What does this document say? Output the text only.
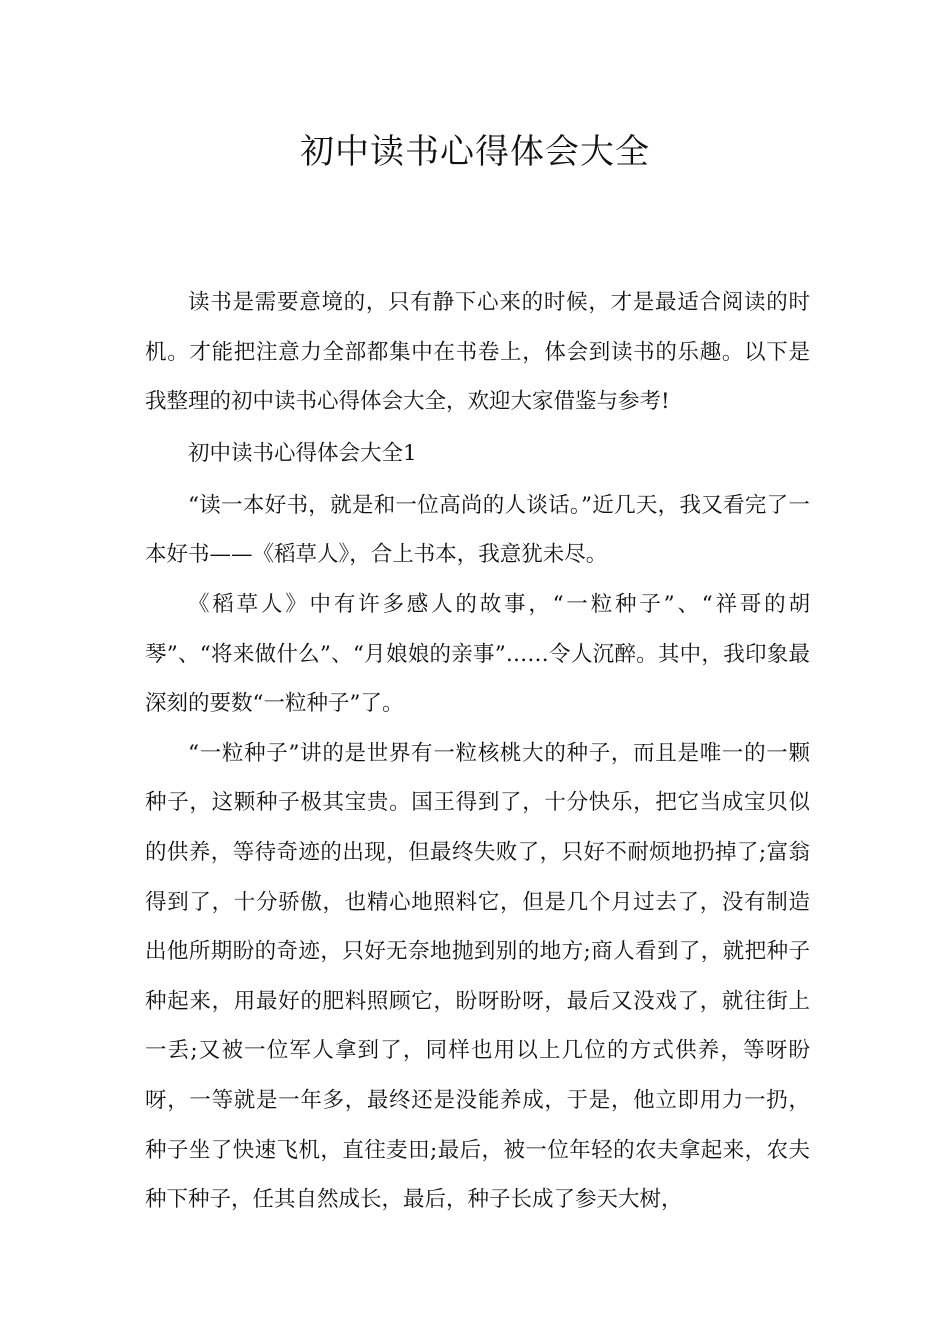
初中读书心得体会大全

读书是需要意境的，只有静下心来的时候，才是最适合阅读的时机。才能把注意力全部都集中在书卷上，体会到读书的乐趣。以下是我整理的初中读书心得体会大全，欢迎大家借鉴与参考!

初中读书心得体会大全1

“读一本好书，就是和一位高尚的人谈话。”近几天，我又看完了一本好书——《稻草人》，合上书本，我意犹未尽。

《稻草人》中有许多感人的故事，“一粒种子”、“祥哥的胡琴”、“将来做什么”、“月娘娘的亲事”……令人沉醉。其中，我印象最深刻的要数“一粒种子”了。

“一粒种子”讲的是世界有一粒核桃大的种子，而且是唯一的一颗种子，这颗种子极其宝贵。国王得到了，十分快乐，把它当成宝贝似的供养，等待奇迹的出现，但最终失败了，只好不耐烦地扔掉了;富翁得到了，十分骄傲，也精心地照料它，但是几个月过去了，没有制造出他所期盼的奇迹，只好无奈地抛到别的地方;商人看到了，就把种子种起来，用最好的肥料照顾它，盼呀盼呀，最后又没戏了，就往街上一丢;又被一位军人拿到了，同样也用以上几位的方式供养，等呀盼呀，一等就是一年多，最终还是没能养成，于是，他立即用力一扔，种子坐了快速飞机，直往麦田;最后，被一位年轻的农夫拿起来，农夫种下种子，任其自然成长，最后，种子长成了参天大树，
